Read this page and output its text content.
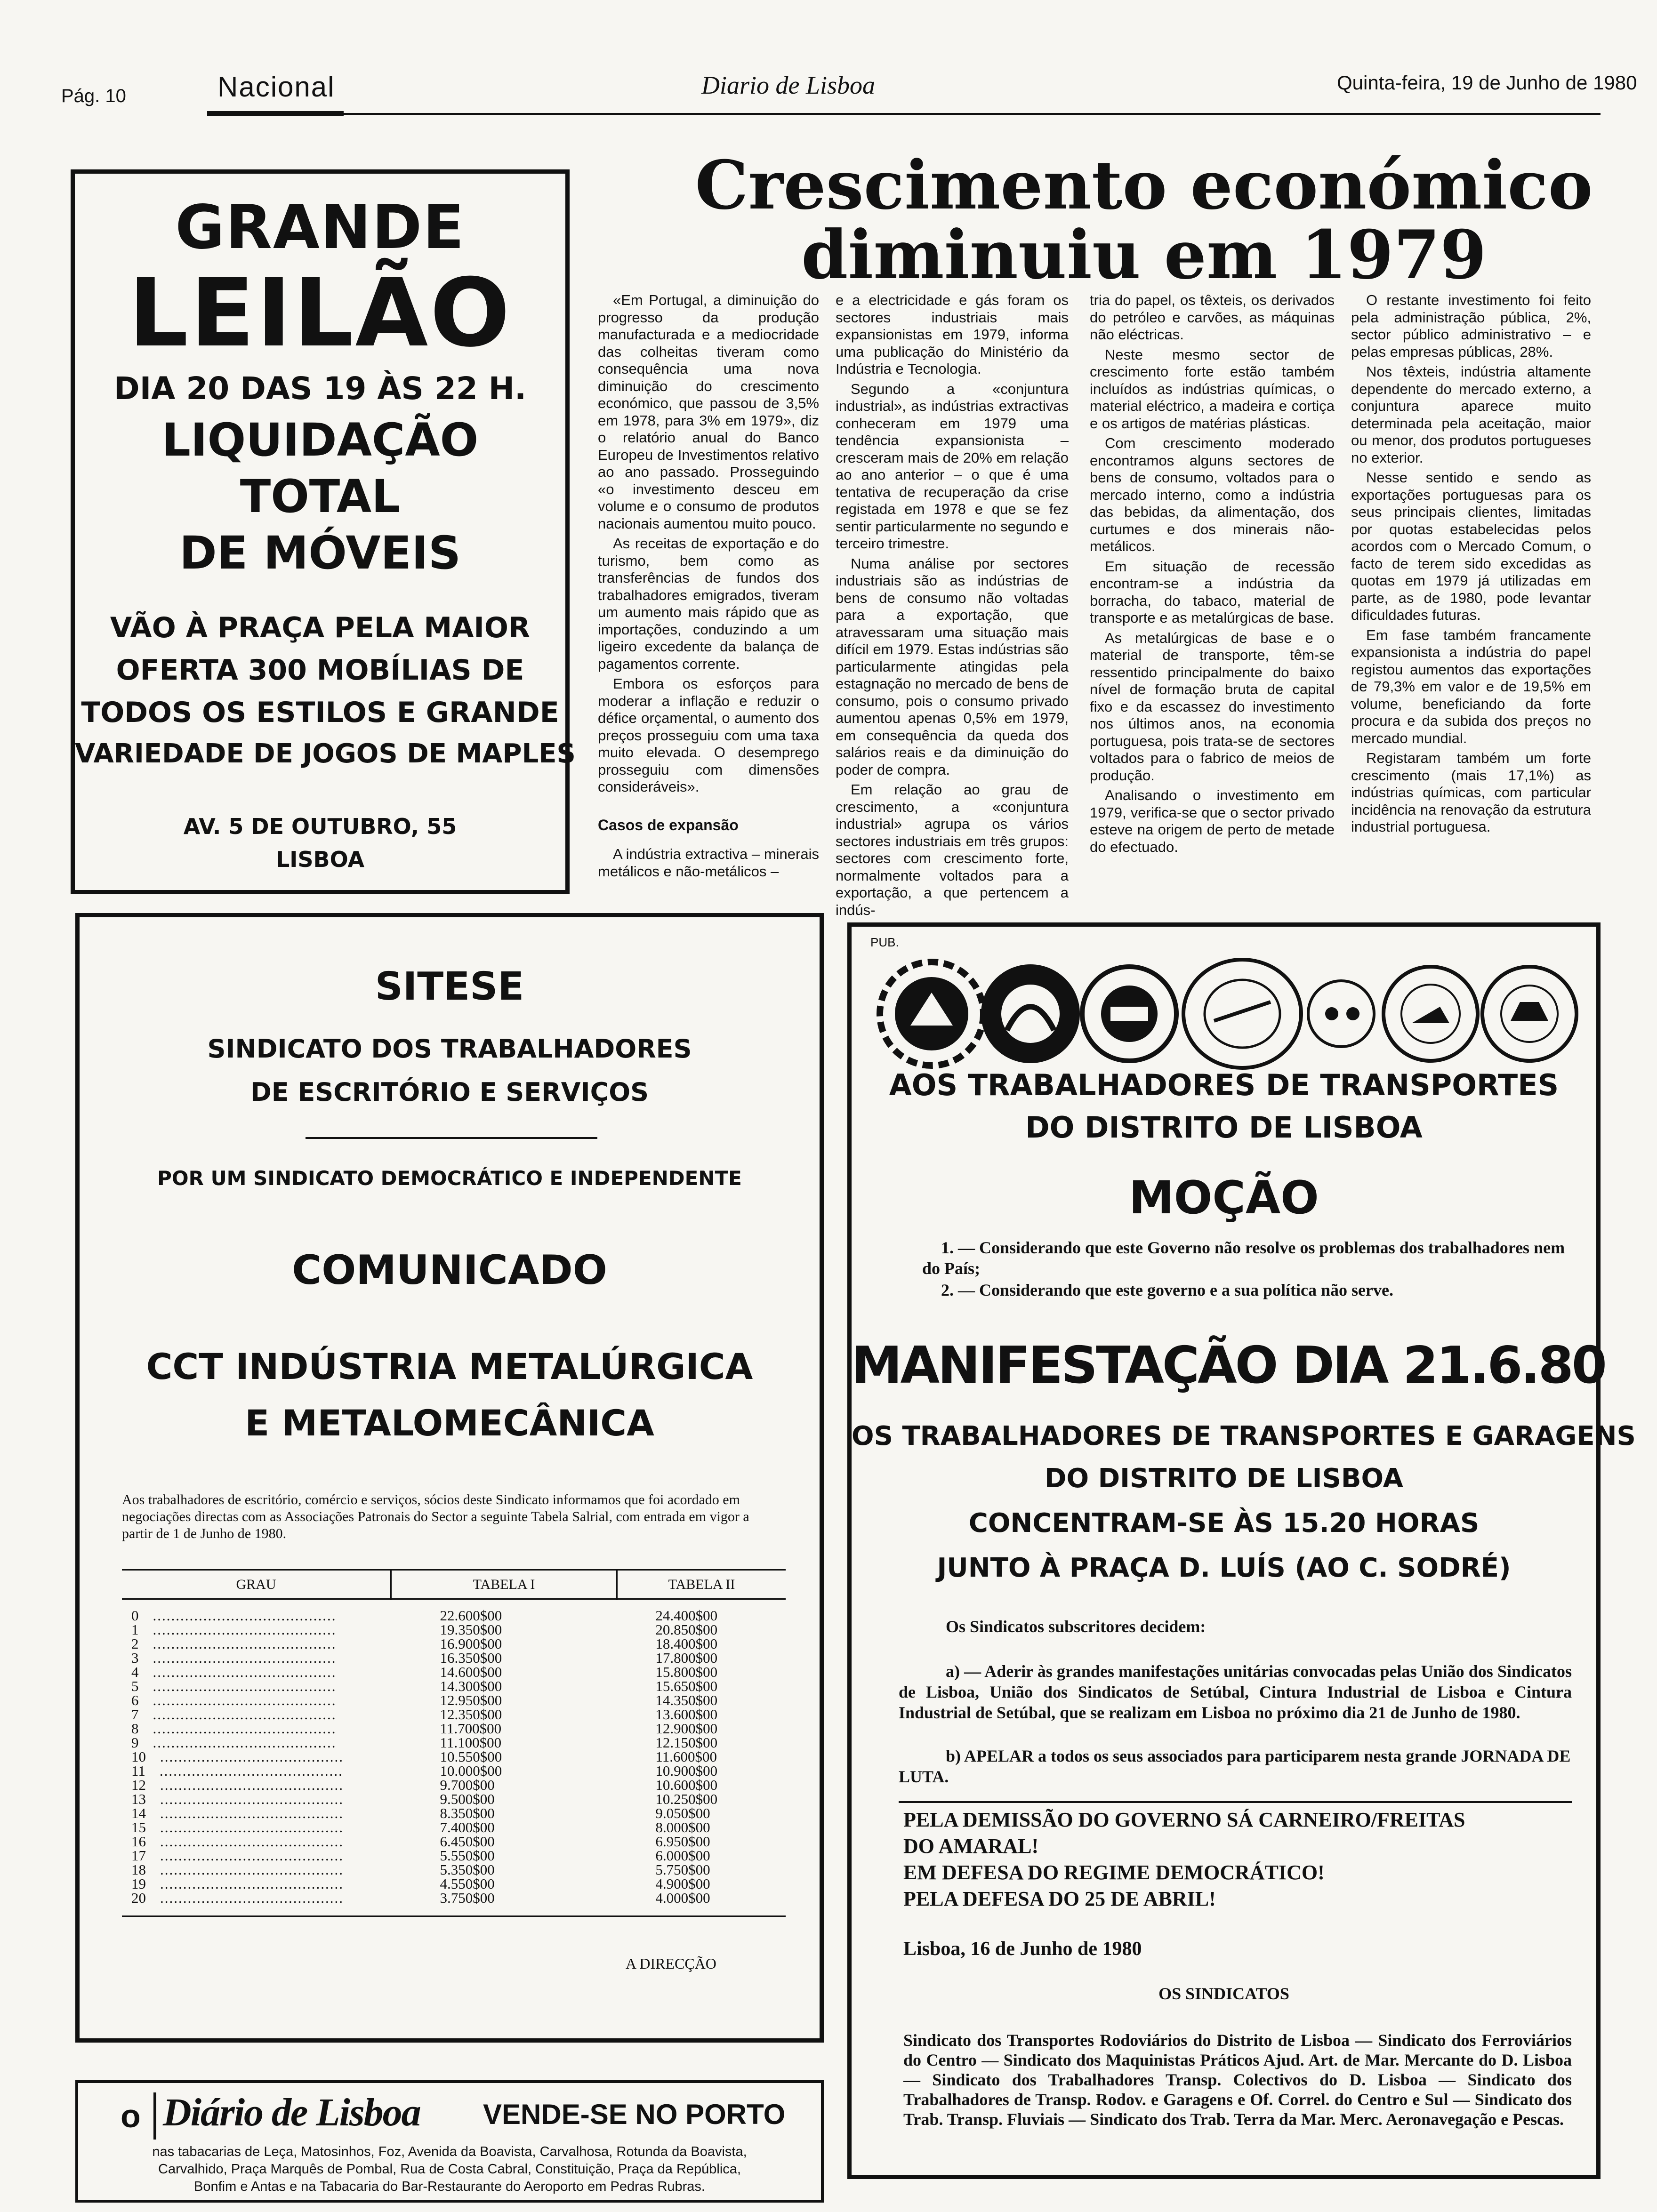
Pág. 10	Nacional	Diario de Lisboa	Quinta-feira, 19 de Junho de 1980
GRANDE
LEILÃO
DIA 20 DAS 19 ÀS 22 H.
LIQUIDAÇÃO
TOTAL
DE MÓVEIS
VÃO À PRAÇA PELA MAIOR
OFERTA 300 MOBÍLIAS DE
TODOS OS ESTILOS E GRANDE
VARIEDADE DE JOGOS DE MAPLES
AV. 5 DE OUTUBRO, 55
LISBOA
Crescimento económico
diminuiu em 1979

«Em Portugal, a diminuição do progresso da produção manufacturada e a mediocridade das colheitas tiveram como consequência uma nova diminuição do crescimento económico, que passou de 3,5% em 1978, para 3% em 1979», diz o relatório anual do Banco Europeu de Investimentos relativo ao ano passado. Prosseguindo «o investimento desceu em volume e o consumo de produtos nacionais aumentou muito pouco.

As receitas de exportação e do turismo, bem como as transferências de fundos dos trabalhadores emigrados, tiveram um aumento mais rápido que as importações, conduzindo a um ligeiro excedente da balança de pagamentos corrente.

Embora os esforços para moderar a inflação e reduzir o défice orçamental, o aumento dos preços prosseguiu com uma taxa muito elevada. O desemprego prosseguiu com dimensões consideráveis».

Casos de expansão

A indústria extractiva – minerais metálicos e não-metálicos –

e a electricidade e gás foram os sectores industriais mais expansionistas em 1979, informa uma publicação do Ministério da Indústria e Tecnologia.

Segundo a «conjuntura industrial», as indústrias extractivas conheceram em 1979 uma tendência expansionista – cresceram mais de 20% em relação ao ano anterior – o que é uma tentativa de recuperação da crise registada em 1978 e que se fez sentir particularmente no segundo e terceiro trimestre.

Numa análise por sectores industriais são as indústrias de bens de consumo não voltadas para a exportação, que atravessaram uma situação mais difícil em 1979. Estas indústrias são particularmente atingidas pela estagnação no mercado de bens de consumo, pois o consumo privado aumentou apenas 0,5% em 1979, em consequência da queda dos salários reais e da diminuição do poder de compra.

Em relação ao grau de crescimento, a «conjuntura industrial» agrupa os vários sectores industriais em três grupos: sectores com crescimento forte, normalmente voltados para a exportação, a que pertencem a indús-

tria do papel, os têxteis, os derivados do petróleo e carvões, as máquinas não eléctricas.

Neste mesmo sector de crescimento forte estão também incluídos as indústrias químicas, o material eléctrico, a madeira e cortiça e os artigos de matérias plásticas.

Com crescimento moderado encontramos alguns sectores de bens de consumo, voltados para o mercado interno, como a indústria das bebidas, da alimentação, dos curtumes e dos minerais não-metálicos.

Em situação de recessão encontram-se a indústria da borracha, do tabaco, material de transporte e as metalúrgicas de base.

As metalúrgicas de base e o material de transporte, têm-se ressentido principalmente do baixo nível de formação bruta de capital fixo e da escassez do investimento nos últimos anos, na economia portuguesa, pois trata-se de sectores voltados para o fabrico de meios de produção.

Analisando o investimento em 1979, verifica-se que o sector privado esteve na origem de perto de metade do efectuado.

O restante investimento foi feito pela administração pública, 2%, sector público administrativo – e pelas empresas públicas, 28%.

Nos têxteis, indústria altamente dependente do mercado externo, a conjuntura aparece muito determinada pela aceitação, maior ou menor, dos produtos portugueses no exterior.

Nesse sentido e sendo as exportações portuguesas para os seus principais clientes, limitadas por quotas estabelecidas pelos acordos com o Mercado Comum, o facto de terem sido excedidas as quotas em 1979 já utilizadas em parte, as de 1980, pode levantar dificuldades futuras.

Em fase também francamente expansionista a indústria do papel registou aumentos das exportações de 79,3% em valor e de 19,5% em volume, beneficiando da forte procura e da subida dos preços no mercado mundial.

Registaram também um forte crescimento (mais 17,1%) as indústrias químicas, com particular incidência na renovação da estrutura industrial portuguesa.

SITESE
SINDICATO DOS TRABALHADORES
DE ESCRITÓRIO E SERVIÇOS
POR UM SINDICATO DEMOCRÁTICO E INDEPENDENTE
COMUNICADO
CCT INDÚSTRIA METALÚRGICA
E METALOMECÂNICA
Aos trabalhadores de escritório, comércio e serviços, sócios deste Sindicato informamos que foi acordado em negociações directas com as Associações Patronais do Sector a seguinte Tabela Salrial, com entrada em vigor a partir de 1 de Junho de 1980.
GRAU	TABELA I	TABELA II
0 ........................................	22.600$00	24.400$00
1 ........................................	19.350$00	20.850$00
2 ........................................	16.900$00	18.400$00
3 ........................................	16.350$00	17.800$00
4 ........................................	14.600$00	15.800$00
5 ........................................	14.300$00	15.650$00
6 ........................................	12.950$00	14.350$00
7 ........................................	12.350$00	13.600$00
8 ........................................	11.700$00	12.900$00
9 ........................................	11.100$00	12.150$00
10 ........................................	10.550$00	11.600$00
11 ........................................	10.000$00	10.900$00
12 ........................................	9.700$00	10.600$00
13 ........................................	9.500$00	10.250$00
14 ........................................	8.350$00	9.050$00
15 ........................................	7.400$00	8.000$00
16 ........................................	6.450$00	6.950$00
17 ........................................	5.550$00	6.000$00
18 ........................................	5.350$00	5.750$00
19 ........................................	4.550$00	4.900$00
20 ........................................	3.750$00	4.000$00
A DIRECÇÃO
PUB.
AOS TRABALHADORES DE TRANSPORTES
DO DISTRITO DE LISBOA
MOÇÃO
1. — Considerando que este Governo não resolve os problemas dos trabalhadores nem do País;
2. — Considerando que este governo e a sua política não serve.
MANIFESTAÇÃO DIA 21.6.80
OS TRABALHADORES DE TRANSPORTES E GARAGENS
DO DISTRITO DE LISBOA
CONCENTRAM-SE ÀS 15.20 HORAS
JUNTO À PRAÇA D. LUÍS (AO C. SODRÉ)
Os Sindicatos subscritores decidem:
a) — Aderir às grandes manifestações unitárias convocadas pelas União dos Sindicatos de Lisboa, União dos Sindicatos de Setúbal, Cintura Industrial de Lisboa e Cintura Industrial de Setúbal, que se realizam em Lisboa no próximo dia 21 de Junho de 1980.
b) APELAR a todos os seus associados para participarem nesta grande JORNADA DE LUTA.
PELA DEMISSÃO DO GOVERNO SÁ CARNEIRO/FREITAS
DO AMARAL!
EM DEFESA DO REGIME DEMOCRÁTICO!
PELA DEFESA DO 25 DE ABRIL!
Lisboa, 16 de Junho de 1980
OS SINDICATOS
Sindicato dos Transportes Rodoviários do Distrito de Lisboa — Sindicato dos Ferroviários do Centro — Sindicato dos Maquinistas Práticos Ajud. Art. de Mar. Mercante do D. Lisboa — Sindicato dos Trabalhadores Transp. Colectivos do D. Lisboa — Sindicato dos Trabalhadores de Transp. Rodov. e Garagens e Of. Correl. do Centro e Sul — Sindicato dos Trab. Transp. Fluviais — Sindicato dos Trab. Terra da Mar. Merc. Aeronavegação e Pescas.
o Diário de Lisboa VENDE-SE NO PORTO
nas tabacarias de Leça, Matosinhos, Foz, Avenida da Boavista, Carvalhosa, Rotunda da Boavista,
Carvalhido, Praça Marquês de Pombal, Rua de Costa Cabral, Constituição, Praça da República,
Bonfim e Antas e na Tabacaria do Bar-Restaurante do Aeroporto em Pedras Rubras.
